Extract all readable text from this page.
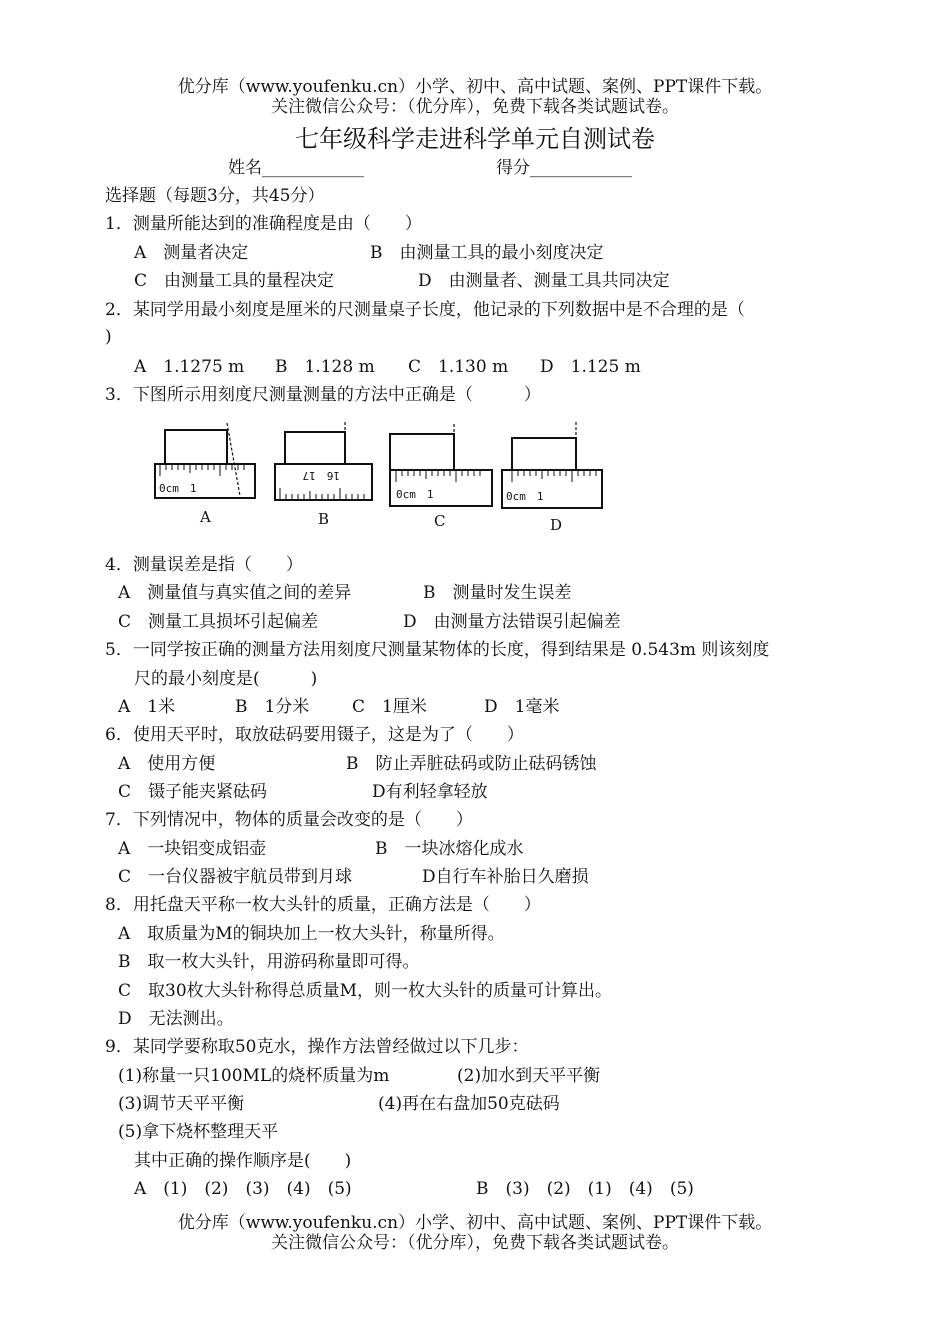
优分库（www.youfenku.cn）小学、初中、高中试题、案例、PPT课件下载。
关注微信公众号：（优分库），免费下载各类试题试卷。
七年级科学走进科学单元自测试卷
姓名____________	得分____________
选择题（每题3分，共45分）
1．测量所能达到的准确程度是由（　　）
A　测量者决定	B　由测量工具的最小刻度决定
C　由测量工具的量程决定	D　由测量者、测量工具共同决定
2．某同学用最小刻度是厘米的尺测量桌子长度，他记录的下列数据中是不合理的是（
)
A　1.1275 m B　1.128 m C　1.130 m D　1.125 m
3．下图所示用刻度尺测量测量的方法中正确是（　　　）
0cm　1
A
16　17
B
0cm　1
C
0cm　1
D
4．测量误差是指（　　）
A　测量值与真实值之间的差异	B　测量时发生误差
C　测量工具损坏引起偏差	D　由测量方法错误引起偏差
5．一同学按正确的测量方法用刻度尺测量某物体的长度，得到结果是 0.543m 则该刻度
尺的最小刻度是(　　　)
A　1米	B　1分米	C　1厘米	D　1毫米
6．使用天平时，取放砝码要用镊子，这是为了（　　）
A　使用方便	B　防止弄脏砝码或防止砝码锈蚀
C　镊子能夹紧砝码	D有利轻拿轻放
7．下列情况中，物体的质量会改变的是（　　）
A　一块铝变成铝壶	B　一块冰熔化成水
C　一台仪器被宇航员带到月球	D自行车补胎日久磨损
8．用托盘天平称一枚大头针的质量，正确方法是（　　）
A　取质量为M的铜块加上一枚大头针，称量所得。
B　取一枚大头针，用游码称量即可得。
C　取30枚大头针称得总质量M，则一枚大头针的质量可计算出。
D　无法测出。
9．某同学要称取50克水，操作方法曾经做过以下几步：
(1)称量一只100ML的烧杯质量为m	(2)加水到天平平衡
(3)调节天平平衡	(4)再在右盘加50克砝码
(5)拿下烧杯整理天平
其中正确的操作顺序是(　　)
A　(1)　(2)　(3)　(4)　(5)	B　(3)　(2)　(1)　(4)　(5)
优分库（www.youfenku.cn）小学、初中、高中试题、案例、PPT课件下载。
关注微信公众号：（优分库），免费下载各类试题试卷。
